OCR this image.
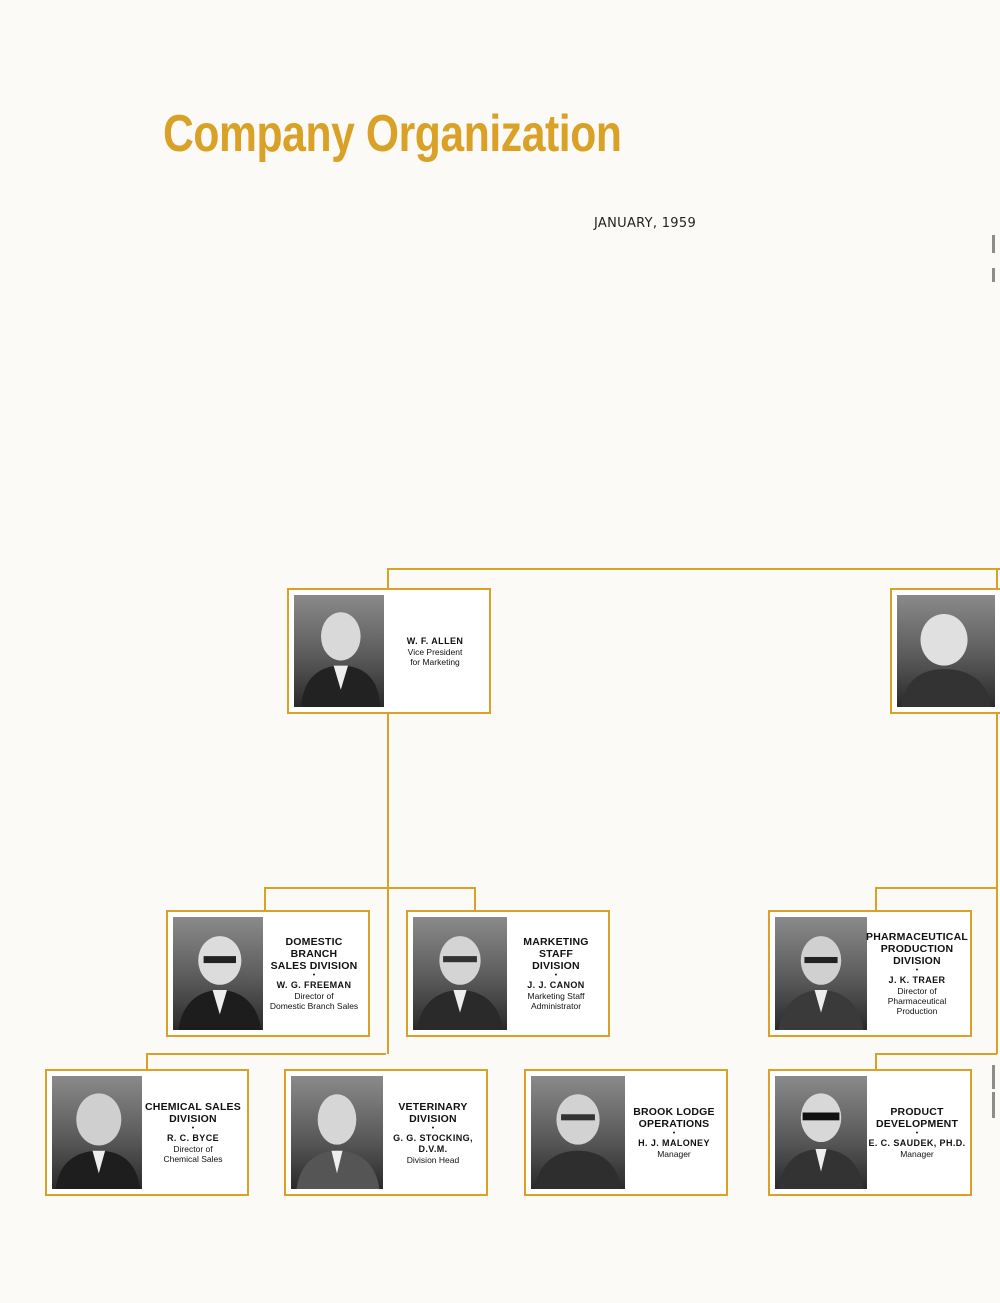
Company Organization
JANUARY, 1959
W. F. ALLEN
Vice President
for Marketing
DOMESTIC BRANCH
SALES DIVISION
•
W. G. FREEMAN
Director of
Domestic Branch Sales
MARKETING STAFF
DIVISION
•
J. J. CANON
Marketing Staff
Administrator
PHARMACEUTICAL
PRODUCTION
DIVISION
•
J. K. TRAER
Director of
Pharmaceutical
Production
CHEMICAL SALES
DIVISION
•
R. C. BYCE
Director of
Chemical Sales
VETERINARY
DIVISION
•
G. G. STOCKING,
D.V.M.
Division Head
BROOK LODGE
OPERATIONS
•
H. J. MALONEY
Manager
PRODUCT
DEVELOPMENT
•
E. C. SAUDEK, PH.D.
Manager
